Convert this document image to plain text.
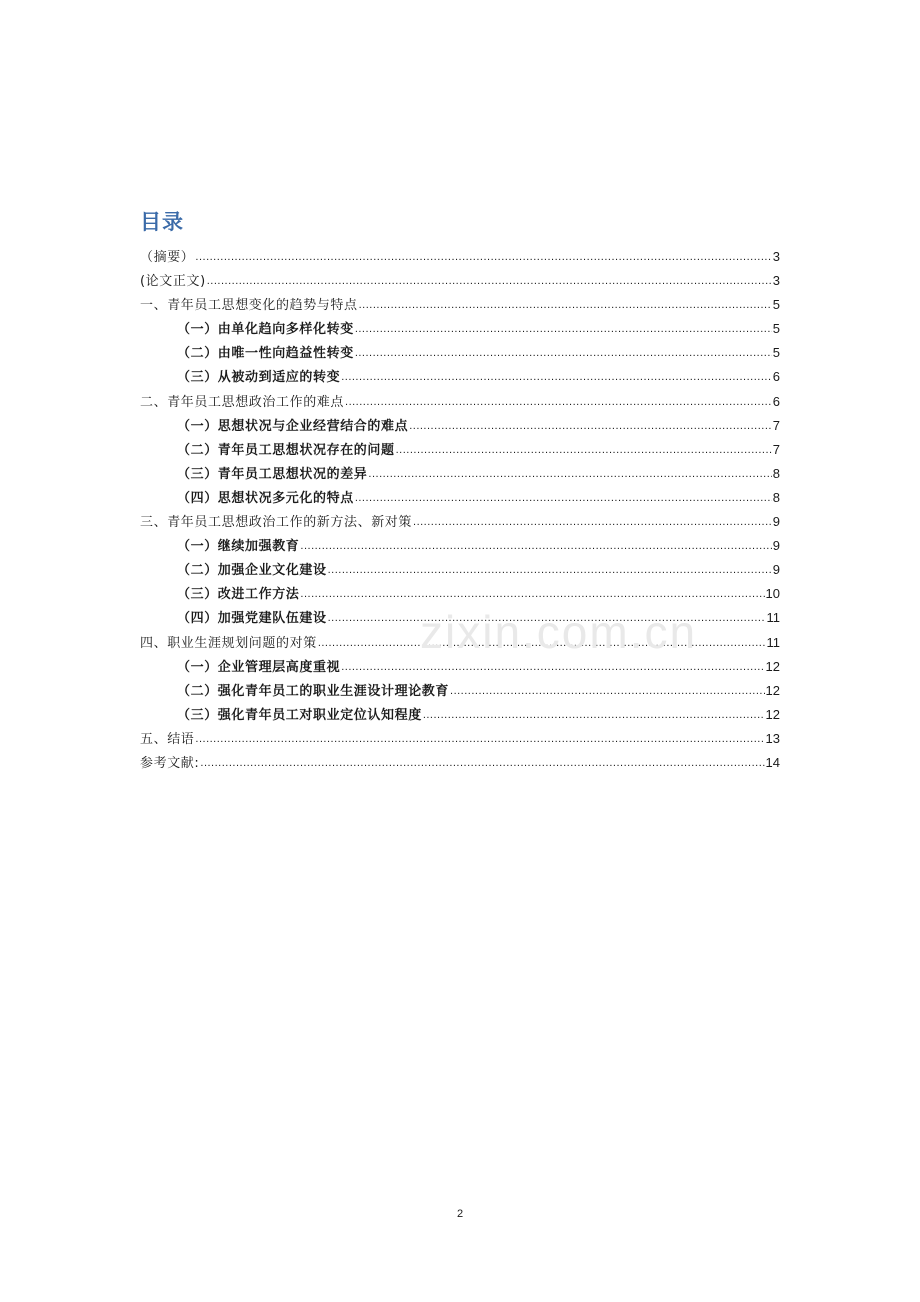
目录
（摘要） .....	3
(论文正文) .....	3
一、青年员工思想变化的趋势与特点 .....	5
（一）由单化趋向多样化转变 .....	5
（二）由唯一性向趋益性转变 .....	5
（三）从被动到适应的转变 .....	6
二、青年员工思想政治工作的难点 .....	6
（一）思想状况与企业经营结合的难点 .....	7
（二）青年员工思想状况存在的问题 .....	7
（三）青年员工思想状况的差异 .....	8
（四）思想状况多元化的特点 .....	8
三、青年员工思想政治工作的新方法、新对策 .....	9
（一）继续加强教育 .....	9
（二）加强企业文化建设 .....	9
（三）改进工作方法 .....	10
（四）加强党建队伍建设 .....	11
四、职业生涯规划问题的对策 .....	11
（一）企业管理层高度重视 .....	12
（二）强化青年员工的职业生涯设计理论教育 .....	12
（三）强化青年员工对职业定位认知程度 .....	12
五、结语 .....	13
参考文献: .....	14
zixin.com.cn
2
